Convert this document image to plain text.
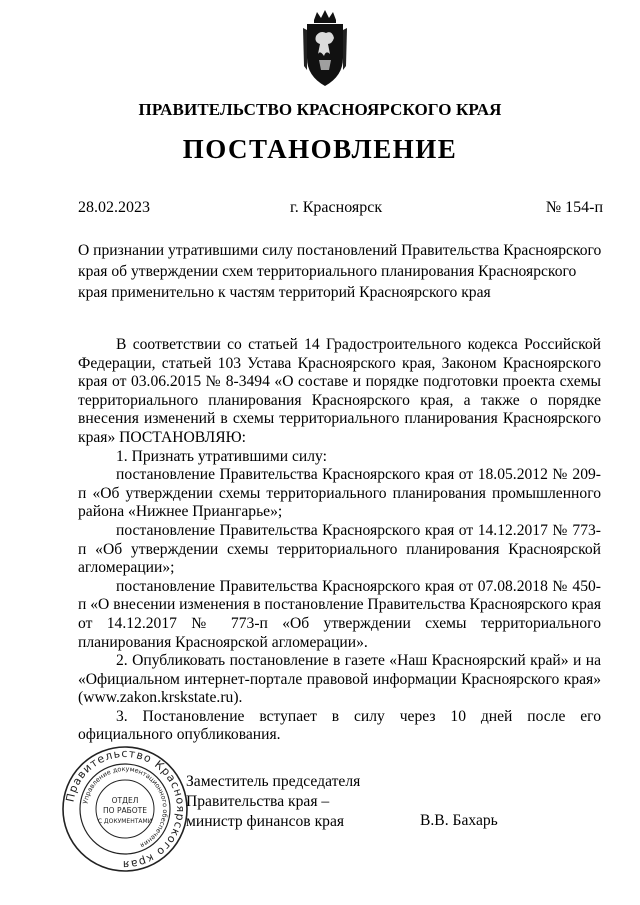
ПРАВИТЕЛЬСТВО КРАСНОЯРСКОГО КРАЯ
ПОСТАНОВЛЕНИЕ
28.02.2023	г. Красноярск	№ 154-п
О признании утратившими силу постановлений Правительства Красноярского края об утверждении схем территориального планирования Красноярского края применительно к частям территорий Красноярского края

В соответствии со статьей 14 Градостроительного кодекса Российской Федерации, статьей 103 Устава Красноярского края, Законом Красноярского края от 03.06.2015 № 8-3494 «О составе и порядке подготовки проекта схемы территориального планирования Красноярского края, а также о порядке внесения изменений в схемы территориального планирования Красноярского края» ПОСТАНОВЛЯЮ:

1. Признать утратившими силу:

постановление Правительства Красноярского края от 18.05.2012 № 209-п «Об утверждении схемы территориального планирования промышленного района «Нижнее Приангарье»;

постановление Правительства Красноярского края от 14.12.2017 № 773-п «Об утверждении схемы территориального планирования Красноярской агломерации»;

постановление Правительства Красноярского края от 07.08.2018 № 450-п «О внесении изменения в постановление Правительства Красноярского края от 14.12.2017 № 773-п «Об утверждении схемы территориального планирования Красноярской агломерации».

2. Опубликовать постановление в газете «Наш Красноярский край» и на «Официальном интернет-портале правовой информации Красноярского края» (www.zakon.krskstate.ru).

3. Постановление вступает в силу через 10 дней после его официального опубликования.

Правительство Красноярского края
Управление документационного обеспечения
ОТДЕЛ
ПО РАБОТЕ
С ДОКУМЕНТАМИ
Заместитель председателя
Правительства края –
министр финансов края	В.В. Бахарь
